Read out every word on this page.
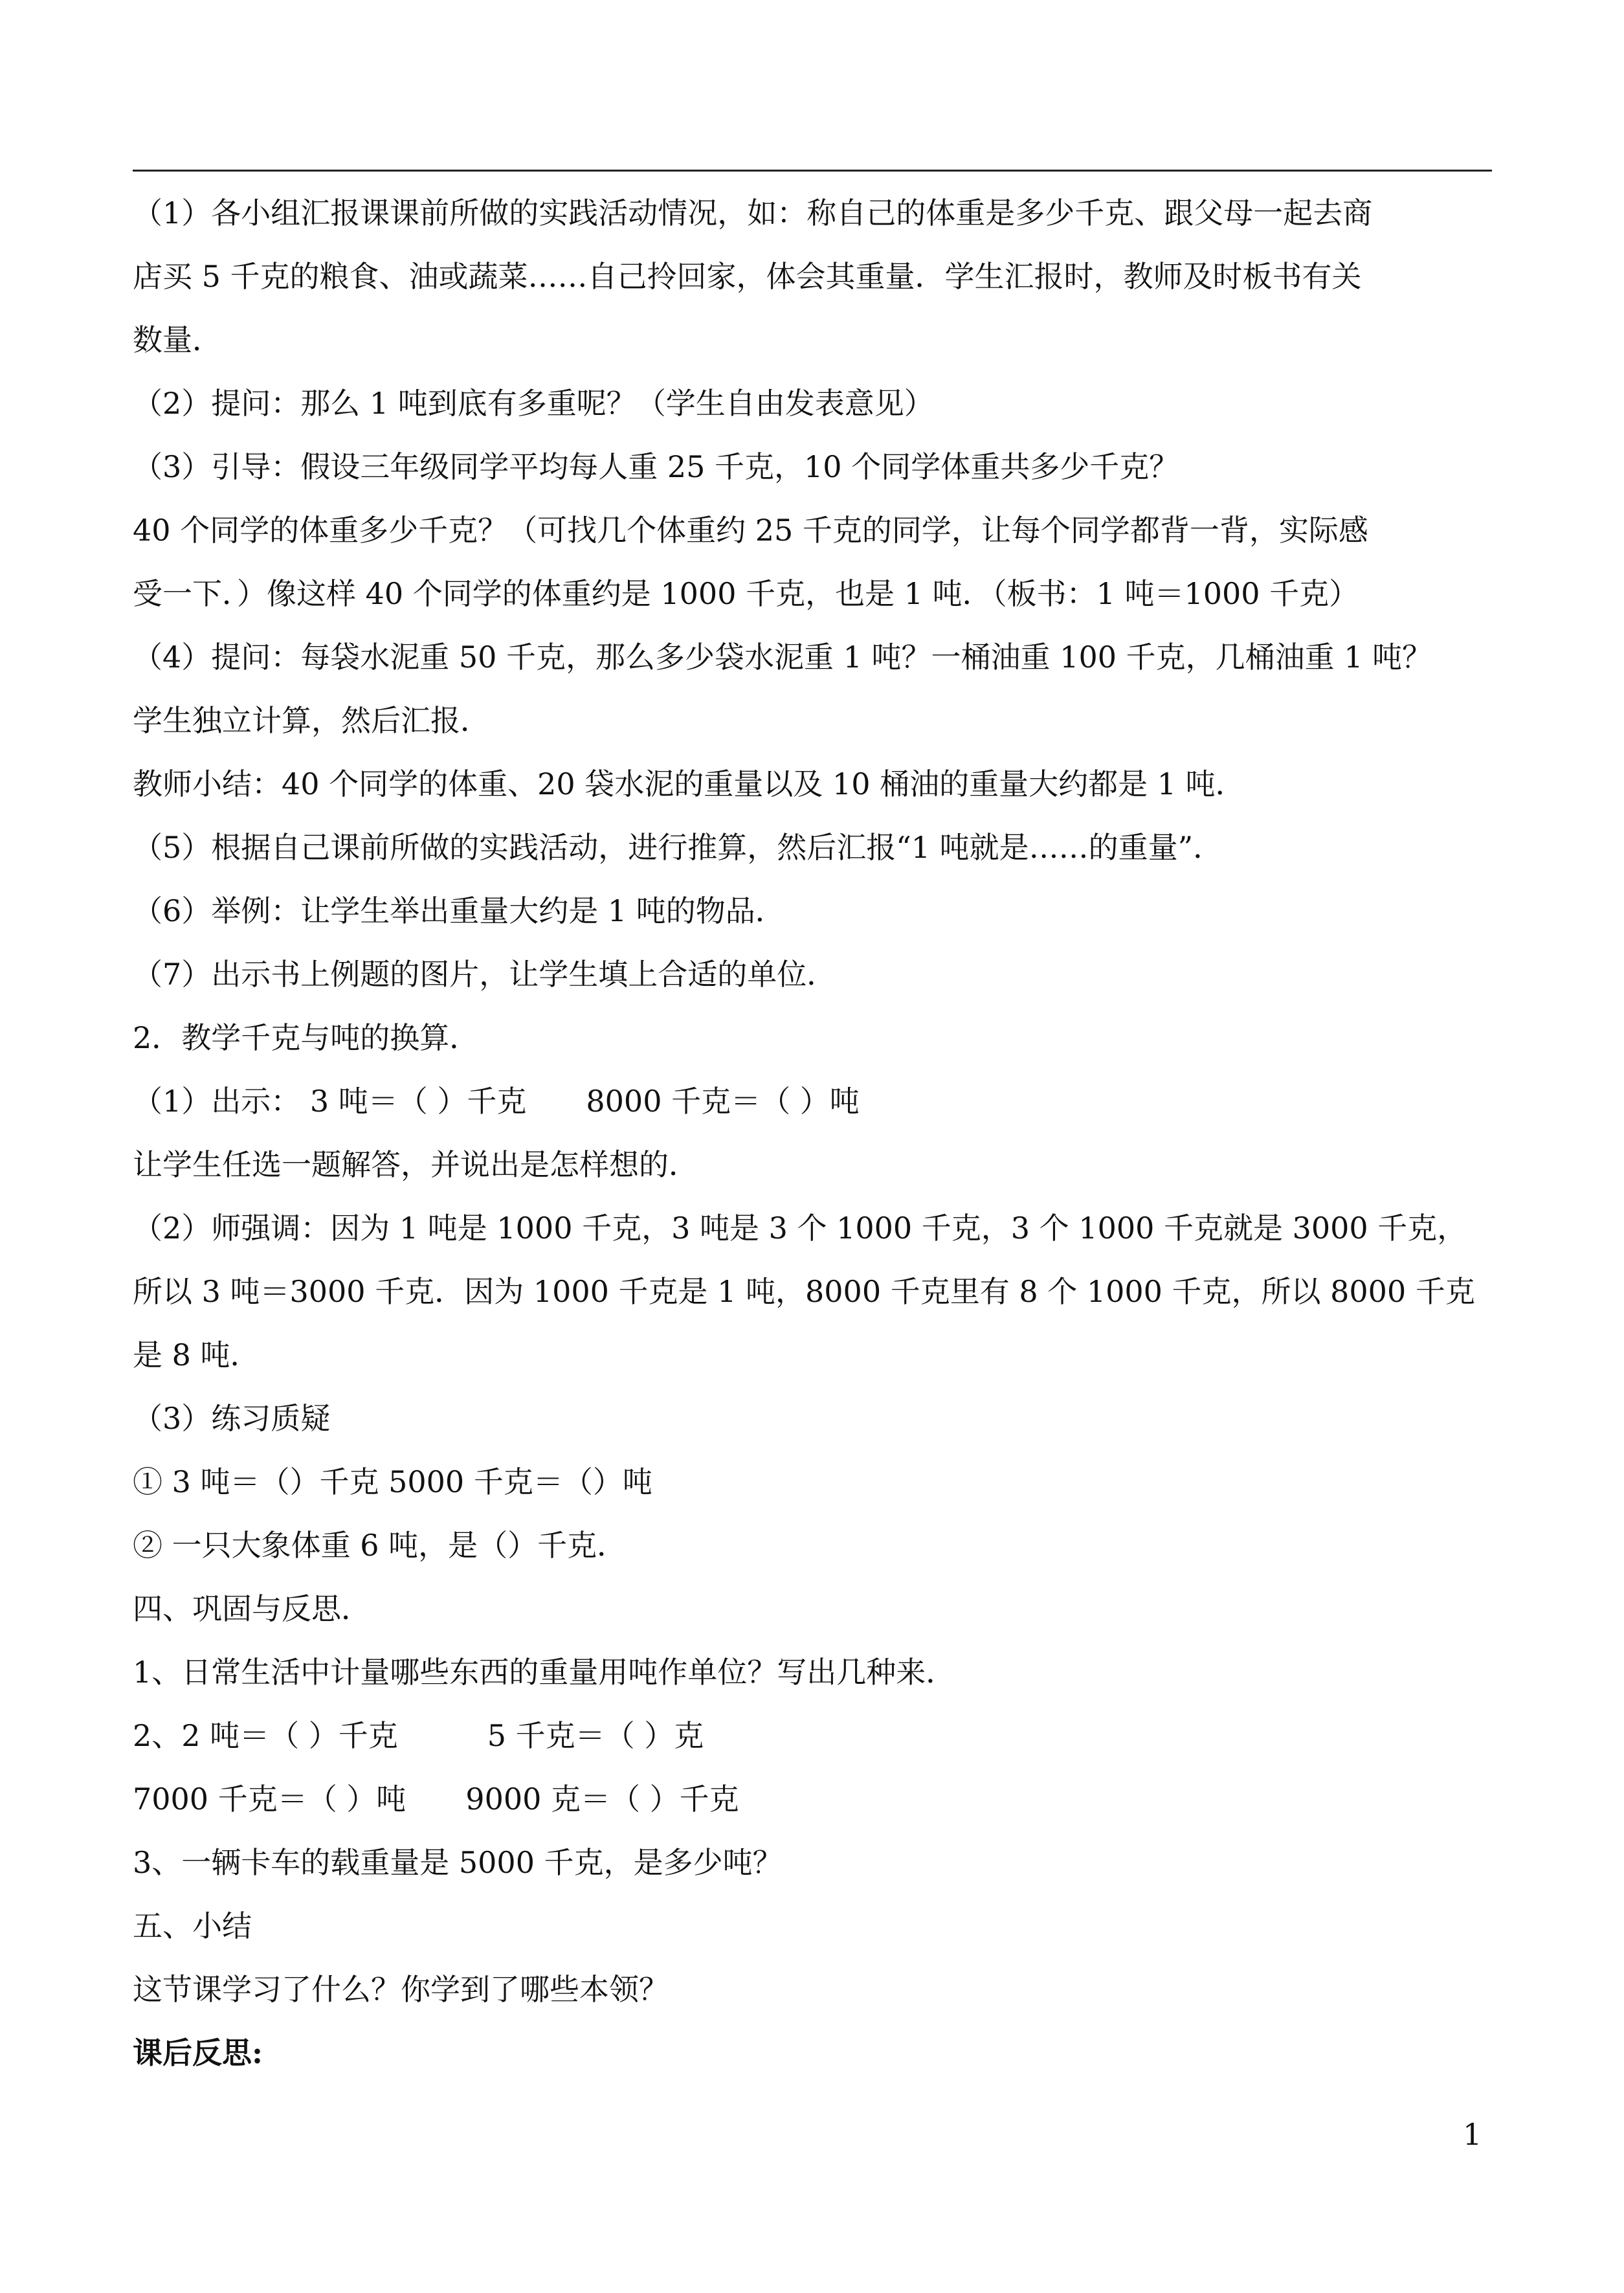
（1）各小组汇报课课前所做的实践活动情况，如：称自己的体重是多少千克、跟父母一起去商
店买 5 千克的粮食、油或蔬菜……自己拎回家，体会其重量．学生汇报时，教师及时板书有关
数量．
（2）提问：那么 1 吨到底有多重呢？（学生自由发表意见）
（3）引导：假设三年级同学平均每人重 25 千克，10 个同学体重共多少千克？
40 个同学的体重多少千克？（可找几个体重约 25 千克的同学，让每个同学都背一背，实际感
受一下．）像这样 40 个同学的体重约是 1000 千克，也是 1 吨．（板书：1 吨＝1000 千克）
（4）提问：每袋水泥重 50 千克，那么多少袋水泥重 1 吨？一桶油重 100 千克，几桶油重 1 吨？
学生独立计算，然后汇报．
教师小结：40 个同学的体重、20 袋水泥的重量以及 10 桶油的重量大约都是 1 吨．
（5）根据自己课前所做的实践活动，进行推算，然后汇报“1 吨就是……的重量”．
（6）举例：让学生举出重量大约是 1 吨的物品．
（7）出示书上例题的图片，让学生填上合适的单位．
2．教学千克与吨的换算．
（1）出示： 3 吨＝（ ）千克　　8000 千克＝（ ）吨
让学生任选一题解答，并说出是怎样想的．
（2）师强调：因为 1 吨是 1000 千克，3 吨是 3 个 1000 千克，3 个 1000 千克就是 3000 千克，
所以 3 吨＝3000 千克．因为 1000 千克是 1 吨，8000 千克里有 8 个 1000 千克，所以 8000 千克
是 8 吨．
（3）练习质疑
① 3 吨＝（）千克 5000 千克＝（）吨
② 一只大象体重 6 吨，是（）千克．
四、巩固与反思．
1、日常生活中计量哪些东西的重量用吨作单位？写出几种来．
2、2 吨＝（ ）千克　　　5 千克＝（ ）克
7000 千克＝（ ）吨　　9000 克＝（ ）千克
3、一辆卡车的载重量是 5000 千克，是多少吨？
五、小结
这节课学习了什么？你学到了哪些本领？
课后反思:
1
